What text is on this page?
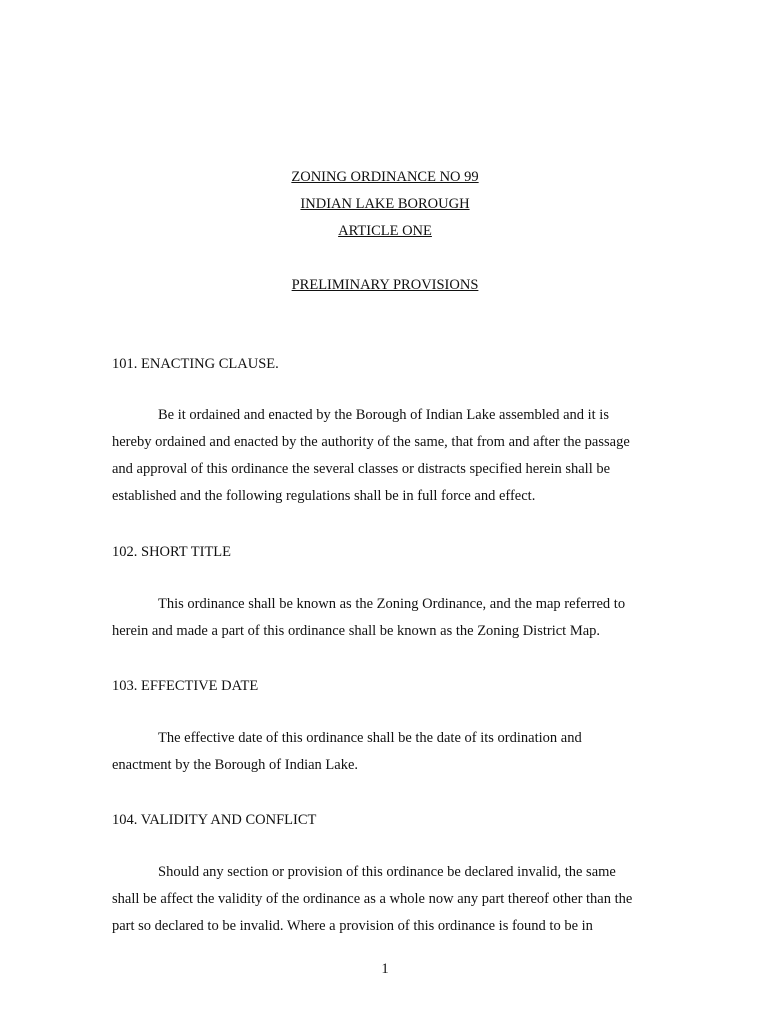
ZONING ORDINANCE NO 99

INDIAN LAKE BOROUGH

ARTICLE ONE

PRELIMINARY PROVISIONS

101. ENACTING CLAUSE.

Be it ordained and enacted by the Borough of Indian Lake assembled and it is
hereby ordained and enacted by the authority of the same, that from and after the passage
and approval of this ordinance the several classes or distracts specified herein shall be
established and the following regulations shall be in full force and effect.

102. SHORT TITLE

This ordinance shall be known as the Zoning Ordinance, and the map referred to
herein and made a part of this ordinance shall be known as the Zoning District Map.

103. EFFECTIVE DATE

The effective date of this ordinance shall be the date of its ordination and
enactment by the Borough of Indian Lake.

104. VALIDITY AND CONFLICT

Should any section or provision of this ordinance be declared invalid, the same
shall be affect the validity of the ordinance as a whole now any part thereof other than the
part so declared to be invalid. Where a provision of this ordinance is found to be in

1
